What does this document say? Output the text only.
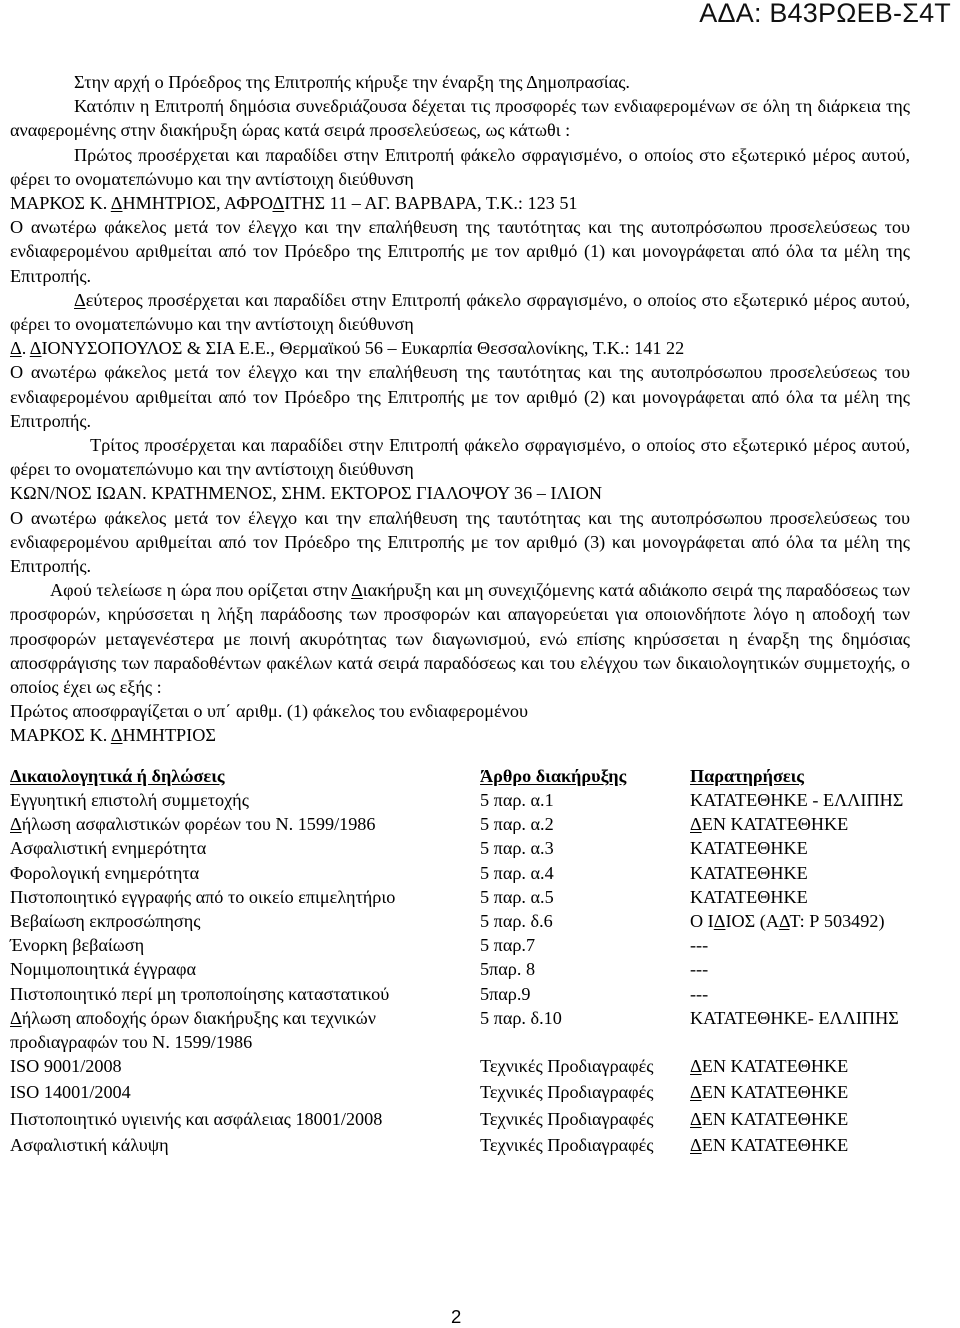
ΑΔΑ: Β43ΡΩΕΒ-Σ4Τ

Στην αρχή ο Πρόεδρος της Επιτροπής κήρυξε την έναρξη της Δημοπρασίας.

Κατόπιν η Επιτροπή δημόσια συνεδριάζουσα δέχεται τις προσφορές των ενδιαφερομένων σε όλη τη διάρκεια της αναφερομένης στην διακήρυξη ώρας κατά σειρά προσελεύσεως, ως κάτωθι :

Πρώτος προσέρχεται και παραδίδει στην Επιτροπή φάκελο σφραγισμένο, ο οποίος στο εξωτερικό μέρος αυτού, φέρει το ονοματεπώνυμο και την αντίστοιχη διεύθυνση

ΜΑΡΚΟΣ Κ. ΔΗΜΗΤΡΙΟΣ, ΑΦΡΟΔΙΤΗΣ 11 – ΑΓ. ΒΑΡΒΑΡΑ, Τ.Κ.: 123 51

Ο ανωτέρω φάκελος μετά τον έλεγχο και την επαλήθευση της ταυτότητας και της αυτοπρόσωπου προσελεύσεως του ενδιαφερομένου αριθμείται από τον Πρόεδρο της Επιτροπής με τον αριθμό (1) και μονογράφεται από όλα τα μέλη της Επιτροπής.

Δεύτερος προσέρχεται και παραδίδει στην Επιτροπή φάκελο σφραγισμένο, ο οποίος στο εξωτερικό μέρος αυτού, φέρει το ονοματεπώνυμο και την αντίστοιχη διεύθυνση

Δ. ΔΙΟΝΥΣΟΠΟΥΛΟΣ & ΣΙΑ Ε.Ε., Θερμαϊκού 56 – Ευκαρπία Θεσσαλονίκης, Τ.Κ.: 141 22

Ο ανωτέρω φάκελος μετά τον έλεγχο και την επαλήθευση της ταυτότητας και της αυτοπρόσωπου προσελεύσεως του ενδιαφερομένου αριθμείται από τον Πρόεδρο της Επιτροπής με τον αριθμό (2) και μονογράφεται από όλα τα μέλη της Επιτροπής.

Τρίτος προσέρχεται και παραδίδει στην Επιτροπή φάκελο σφραγισμένο, ο οποίος στο εξωτερικό μέρος αυτού, φέρει το ονοματεπώνυμο και την αντίστοιχη διεύθυνση

ΚΩΝ/ΝΟΣ ΙΩΑΝ. ΚΡΑΤΗΜΕΝΟΣ, ΣΗΜ. ΕΚΤΟΡΟΣ ΓΙΑΛΟΨΟΥ 36 – ΙΛΙΟΝ

Ο ανωτέρω φάκελος μετά τον έλεγχο και την επαλήθευση της ταυτότητας και της αυτοπρόσωπου προσελεύσεως του ενδιαφερομένου αριθμείται από τον Πρόεδρο της Επιτροπής με τον αριθμό (3) και μονογράφεται από όλα τα μέλη της Επιτροπής.

Αφού τελείωσε η ώρα που ορίζεται στην Διακήρυξη και μη συνεχιζόμενης κατά αδιάκοπο σειρά της παραδόσεως των προσφορών, κηρύσσεται η λήξη παράδοσης των προσφορών και απαγορεύεται για οποιονδήποτε λόγο η αποδοχή των προσφορών μεταγενέστερα με ποινή ακυρότητας των διαγωνισμού, ενώ επίσης κηρύσσεται η έναρξη της δημόσιας αποσφράγισης των παραδοθέντων φακέλων κατά σειρά παραδόσεως και του ελέγχου των δικαιολογητικών συμμετοχής, ο οποίος έχει ως εξής :

Πρώτος αποσφραγίζεται ο υπ΄ αριθμ. (1) φάκελος του ενδιαφερομένου

ΜΑΡΚΟΣ Κ. ΔΗΜΗΤΡΙΟΣ

Δικαιολογητικά ή δηλώσεις	Άρθρο διακήρυξης	Παρατηρήσεις
Εγγυητική επιστολή συμμετοχής	5 παρ. α.1	ΚΑΤΑΤΕΘΗΚΕ - ΕΛΛΙΠΗΣ
Δήλωση ασφαλιστικών φορέων του Ν. 1599/1986	5 παρ. α.2	ΔΕΝ ΚΑΤΑΤΕΘΗΚΕ
Ασφαλιστική ενημερότητα	5 παρ. α.3	ΚΑΤΑΤΕΘΗΚΕ
Φορολογική ενημερότητα	5 παρ. α.4	ΚΑΤΑΤΕΘΗΚΕ
Πιστοποιητικό εγγραφής από το οικείο επιμελητήριο	5 παρ. α.5	ΚΑΤΑΤΕΘΗΚΕ
Βεβαίωση εκπροσώπησης	5 παρ. δ.6	Ο ΙΔΙΟΣ (ΑΔΤ: Ρ 503492)
Ένορκη βεβαίωση	5 παρ.7	---
Νομιμοποιητικά έγγραφα	5παρ. 8	---
Πιστοποιητικό περί μη τροποποίησης καταστατικού	5παρ.9	---
Δήλωση αποδοχής όρων διακήρυξης και τεχνικών προδιαγραφών του Ν. 1599/1986	5 παρ. δ.10	ΚΑΤΑΤΕΘΗΚΕ- ΕΛΛΙΠΗΣ
ISO 9001/2008	Τεχνικές Προδιαγραφές	ΔΕΝ ΚΑΤΑΤΕΘΗΚΕ
ISO 14001/2004	Τεχνικές Προδιαγραφές	ΔΕΝ ΚΑΤΑΤΕΘΗΚΕ
Πιστοποιητικό υγιεινής και ασφάλειας 18001/2008	Τεχνικές Προδιαγραφές	ΔΕΝ ΚΑΤΑΤΕΘΗΚΕ
Ασφαλιστική κάλυψη	Τεχνικές Προδιαγραφές	ΔΕΝ ΚΑΤΑΤΕΘΗΚΕ
2
